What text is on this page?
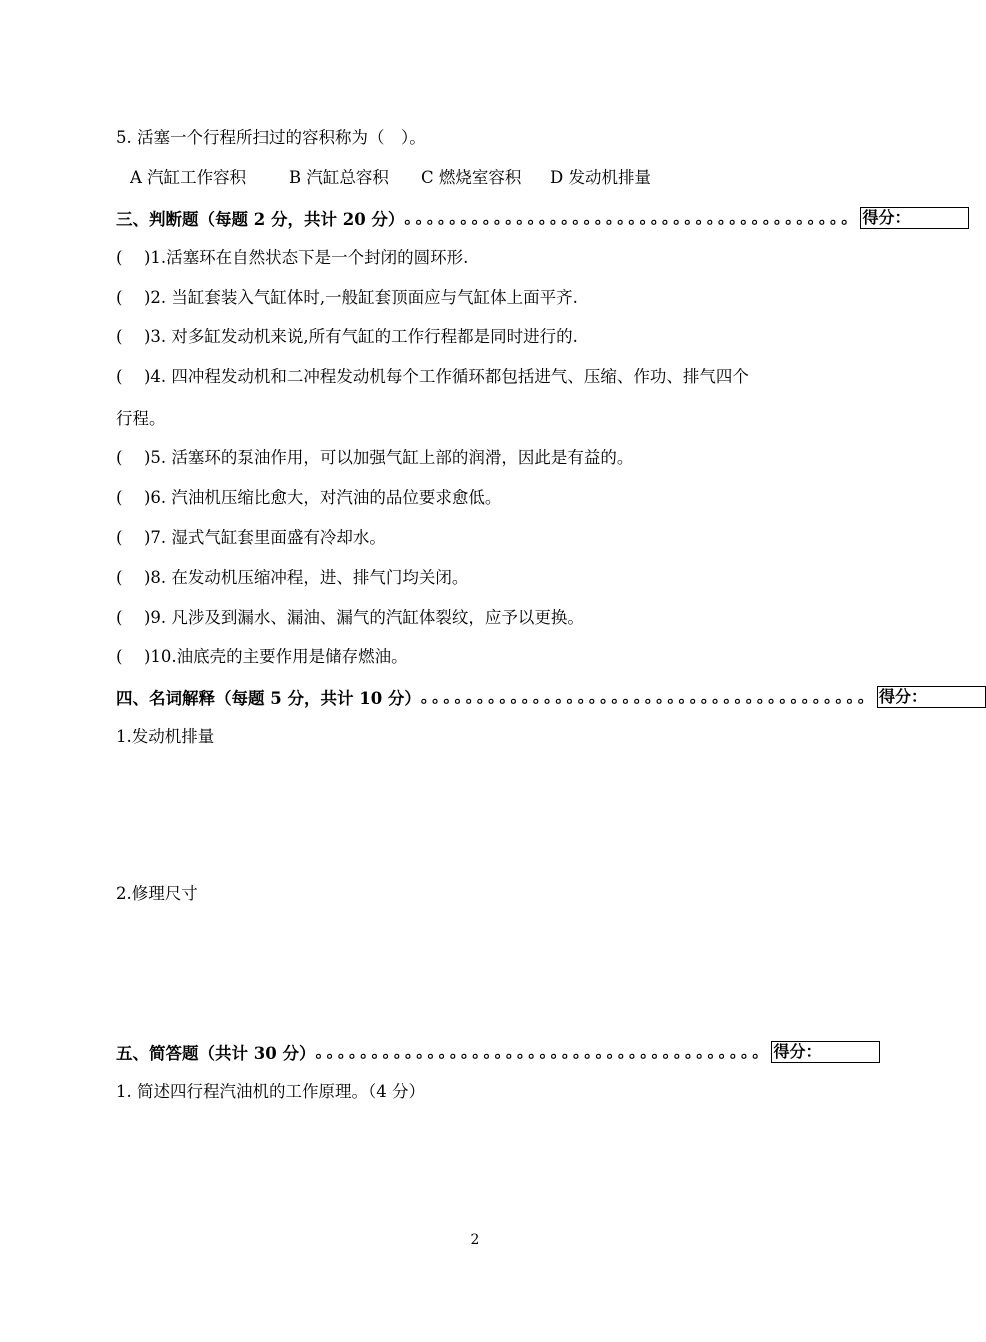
5. 活塞一个行程所扫过的容积称为（　）。
A 汽缸工作容积	B 汽缸总容积 C 燃烧室容积 D 发动机排量
三、判断题（每题 2 分，共计 20 分） 。。。。。。。。。。。。。。。。。。。。。。。。。。。。。。。。。。。。。。。。 得分：
( )1.活塞环在自然状态下是一个封闭的圆环形.
( )2. 当缸套装入气缸体时,一般缸套顶面应与气缸体上面平齐.
( )3. 对多缸发动机来说,所有气缸的工作行程都是同时进行的.
( )4. 四冲程发动机和二冲程发动机每个工作循环都包括进气、压缩、作功、排气四个
行程。
( )5. 活塞环的泵油作用，可以加强气缸上部的润滑，因此是有益的。
( )6. 汽油机压缩比愈大，对汽油的品位要求愈低。
( )7. 湿式气缸套里面盛有冷却水。
( )8. 在发动机压缩冲程，进、排气门均关闭。
( )9. 凡涉及到漏水、漏油、漏气的汽缸体裂纹，应予以更换。
( )10.油底壳的主要作用是储存燃油。
四、名词解释（每题 5 分，共计 10 分） 。。。。。。。。。。。。。。。。。。。。。。。。。。。。。。。。。。。。。。。。 得分：
1.发动机排量
2.修理尺寸
五、简答题（共计 30 分） 。。。。。。。。。。。。。。。。。。。。。。。。。。。。。。。。。。。。。。。。 得分：
1. 简述四行程汽油机的工作原理。（4 分）
2
